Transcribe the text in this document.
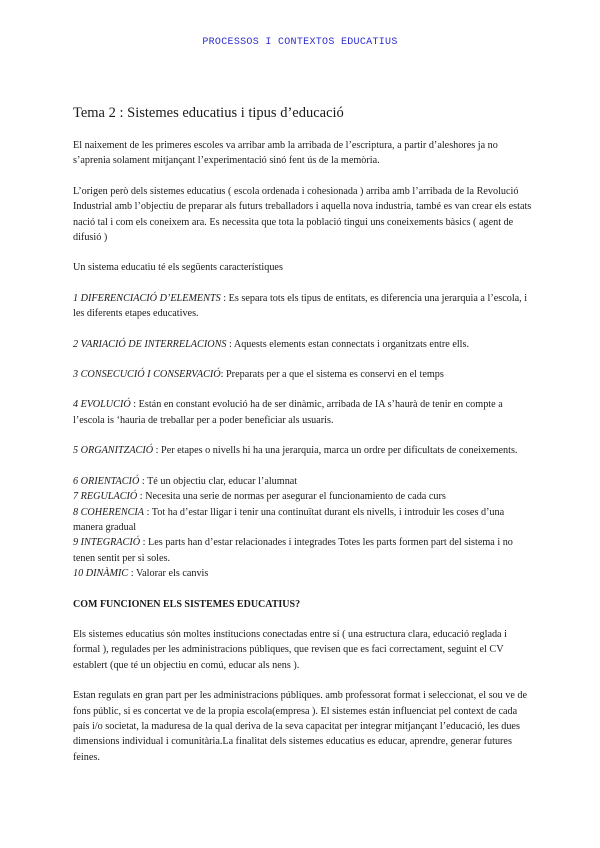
PROCESSOS I CONTEXTOS EDUCATIUS
Tema 2 : Sistemes educatius i tipus d’educació

El naixement de les primeres escoles va arribar amb la arribada de l’escriptura, a partir d’aleshores ja no s’aprenia solament mitjançant l’experimentació sinó fent ús de la memòria.

L’origen però dels sistemes educatius ( escola ordenada i cohesionada ) arriba amb l’arribada de la Revolució Industrial amb l’objectiu de preparar als futurs treballadors i aquella nova industria, també es van crear els estats nació tal i com els coneixem ara. Es necessita que tota la població tingui uns coneixements bàsics ( agent de difusió )

Un sistema educatiu té els següents característiques

1 DIFERENCIACIÓ D’ELEMENTS : Es separa tots els tipus de entitats, es diferencia una jerarquia a l’escola, i les diferents etapes educatives.

2 VARIACIÓ DE INTERRELACIONS : Aquests elements estan connectats i organitzats entre ells.

3 CONSECUCIÓ I CONSERVACIÓ: Preparats per a que el sistema es conservi en el temps

4 EVOLUCIÓ : Están en constant evolució ha de ser dinàmic, arribada de IA s’haurà de tenir en compte a l’escola is ‘hauria de treballar per a poder beneficiar als usuaris.

5 ORGANITZACIÓ : Per etapes o nivells hi ha una jerarquia, marca un ordre per dificultats de coneixements.

6 ORIENTACIÓ : Té un objectiu clar, educar l’alumnat

7 REGULACIÓ : Necesita una serie de normas per asegurar el funcionamiento de cada curs

8 COHERENCIA : Tot ha d’estar lligar i tenir una continuïtat durant els nivells, i introduir les coses d’una manera gradual

9 INTEGRACIÓ : Les parts han d’estar relacionades i integrades Totes les parts formen part del sistema i no tenen sentit per si soles.

10 DINÀMIC : Valorar els canvis

COM FUNCIONEN ELS SISTEMES EDUCATIUS?

Els sistemes educatius són moltes institucions conectadas entre sí ( una estructura clara, educació reglada i formal ), regulades per les administracions públiques, que revisen que es faci correctament, seguint el CV establert (que té un objectiu en comú, educar als nens ).

Estan regulats en gran part per les administracions públiques. amb professorat format i seleccionat, el sou ve de fons públic, si es concertat ve de la propia escola(empresa ). El sistemes están influenciat pel context de cada país i/o societat, la maduresa de la qual deriva de la seva capacitat per integrar mitjançant l’educació, les dues dimensions individual i comunitària.La finalitat dels sistemes educatius es educar, aprendre, generar futures feines.
